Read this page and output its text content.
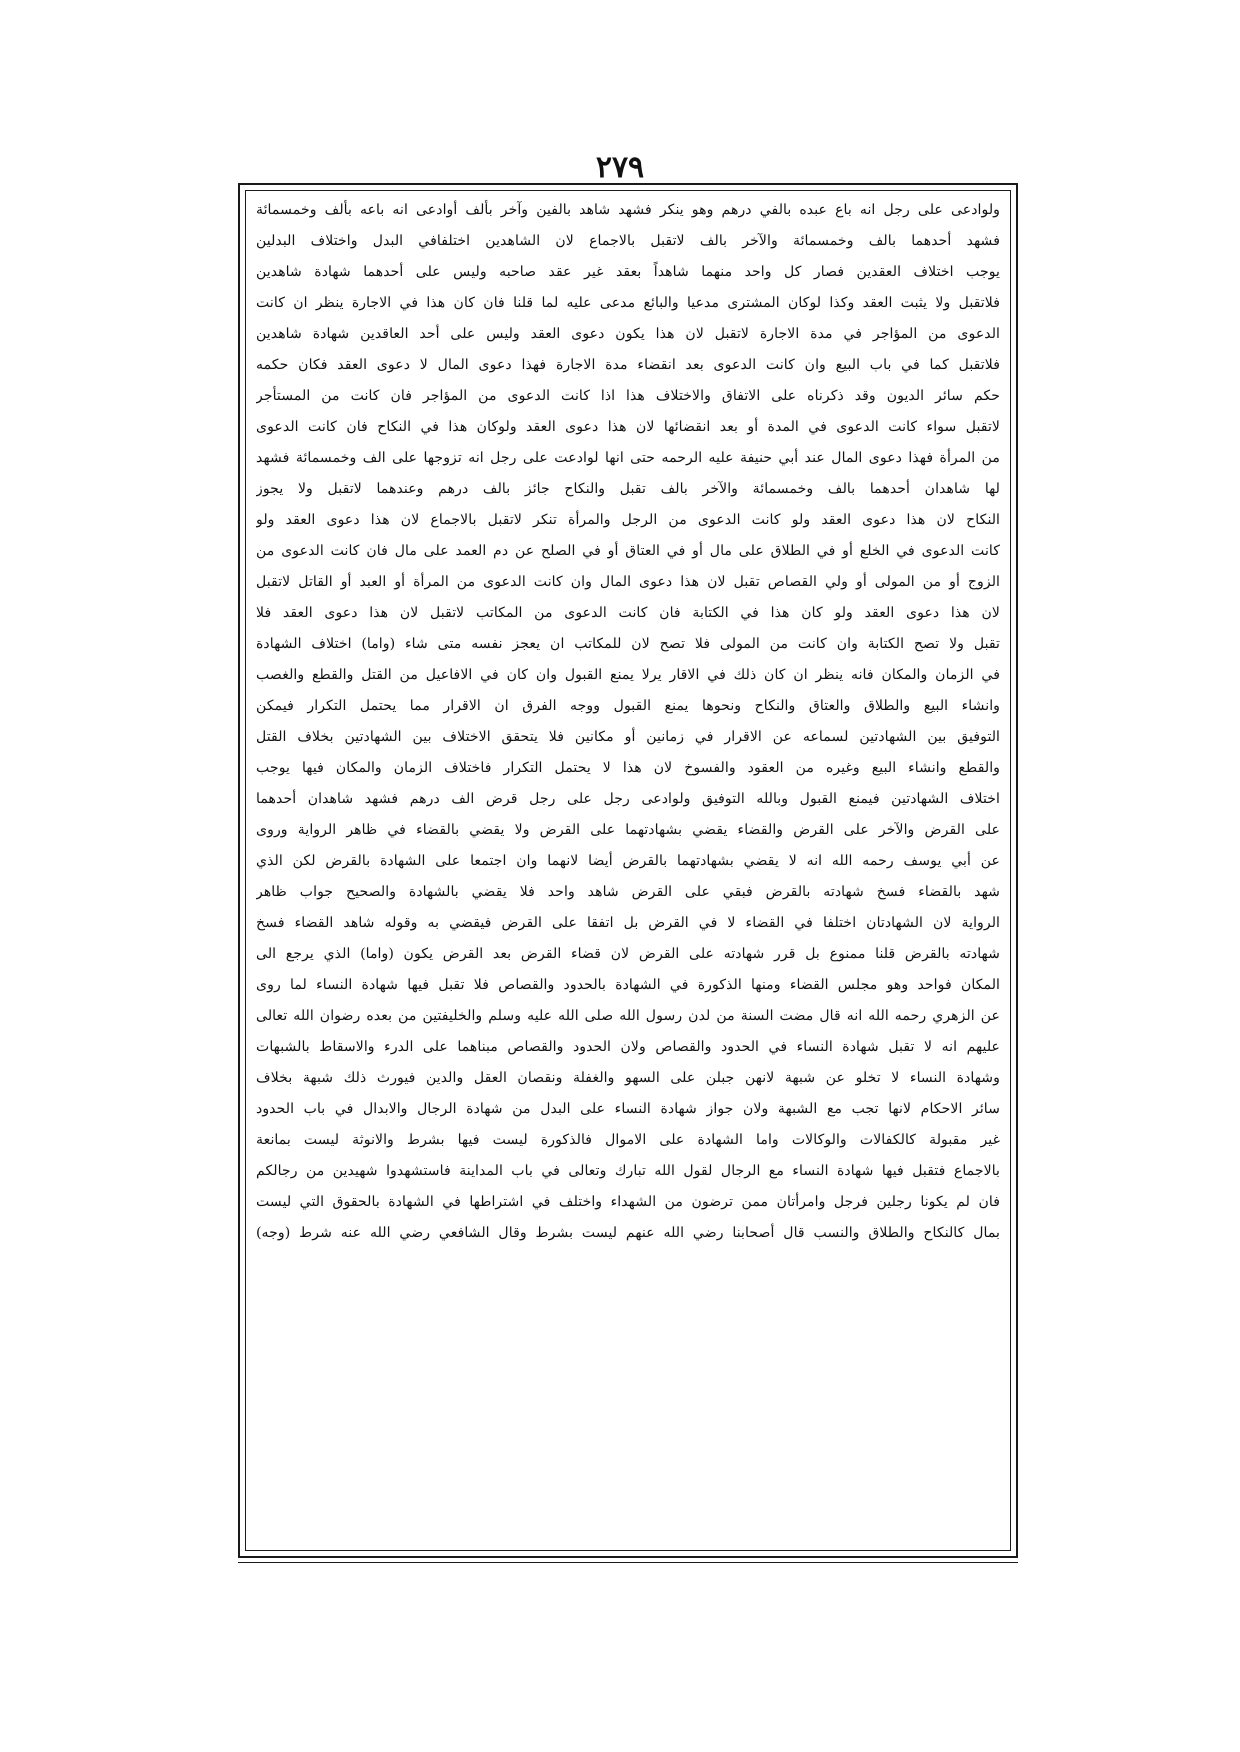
٢٧٩
ولوادعى على رجل انه باع عبده بالفي درهم وهو ينكر فشهد شاهد بالفين وآخر بألف أوادعى انه باعه بألف وخمسمائة
فشهد أحدهما بالف وخمسمائة والآخر بالف لاتقبل بالاجماع لان الشاهدين اختلفافي البدل واختلاف البدلين
يوجب اختلاف العقدين فصار كل واحد منهما شاهداً بعقد غير عقد صاحبه وليس على أحدهما شهادة شاهدين
فلاتقبل ولا يثبت العقد وكذا لوكان المشترى مدعيا والبائع مدعى عليه لما قلنا فان كان هذا في الاجارة ينظر ان كانت
الدعوى من المؤاجر في مدة الاجارة لاتقبل لان هذا يكون دعوى العقد وليس على أحد العاقدين شهادة شاهدين
فلاتقبل كما في باب البيع وان كانت الدعوى بعد انقضاء مدة الاجارة فهذا دعوى المال لا دعوى العقد فكان حكمه
حكم سائر الديون وقد ذكرناه على الاتفاق والاختلاف هذا اذا كانت الدعوى من المؤاجر فان كانت من المستأجر
لاتقبل سواء كانت الدعوى في المدة أو بعد انقضائها لان هذا دعوى العقد ولوكان هذا في النكاح فان كانت الدعوى
من المرأة فهذا دعوى المال عند أبي حنيفة عليه الرحمه حتى انها لوادعت على رجل انه تزوجها على الف وخمسمائة فشهد
لها شاهدان أحدهما بالف وخمسمائة والآخر بالف تقبل والنكاح جائز بالف درهم وعندهما لاتقبل ولا يجوز
النكاح لان هذا دعوى العقد ولو كانت الدعوى من الرجل والمرأة تنكر لاتقبل بالاجماع لان هذا دعوى العقد ولو
كانت الدعوى في الخلع أو في الطلاق على مال أو في العتاق أو في الصلح عن دم العمد على مال فان كانت الدعوى من
الزوج أو من المولى أو ولي القصاص تقبل لان هذا دعوى المال وان كانت الدعوى من المرأة أو العبد أو القاتل لاتقبل
لان هذا دعوى العقد ولو كان هذا في الكتابة فان كانت الدعوى من المكاتب لاتقبل لان هذا دعوى العقد فلا
تقبل ولا تصح الكتابة وان كانت من المولى فلا تصح لان للمكاتب ان يعجز نفسه متى شاء (واما) اختلاف الشهادة
في الزمان والمكان فانه ينظر ان كان ذلك في الاقار يرلا يمنع القبول وان كان في الافاعيل من القتل والقطع والغصب
وانشاء البيع والطلاق والعتاق والنكاح ونحوها يمنع القبول ووجه الفرق ان الاقرار مما يحتمل التكرار فيمكن
التوفيق بين الشهادتين لسماعه عن الاقرار في زمانين أو مكانين فلا يتحقق الاختلاف بين الشهادتين بخلاف القتل
والقطع وانشاء البيع وغيره من العقود والفسوخ لان هذا لا يحتمل التكرار فاختلاف الزمان والمكان فيها يوجب
اختلاف الشهادتين فيمنع القبول وبالله التوفيق ولوادعى رجل على رجل قرض الف درهم فشهد شاهدان أحدهما
على القرض والآخر على القرض والقضاء يقضي بشهادتهما على القرض ولا يقضي بالقضاء في ظاهر الرواية وروى
عن أبي يوسف رحمه الله انه لا يقضي بشهادتهما بالقرض أيضا لانهما وان اجتمعا على الشهادة بالقرض لكن الذي
شهد بالقضاء فسخ شهادته بالقرض فبقي على القرض شاهد واحد فلا يقضي بالشهادة والصحيح جواب ظاهر
الرواية لان الشهادتان اختلفا في القضاء لا في القرض بل اتفقا على القرض فيقضي به وقوله شاهد القضاء فسخ
شهادته بالقرض قلنا ممنوع بل قرر شهادته على القرض لان قضاء القرض بعد القرض يكون (واما) الذي يرجع الى
المكان فواحد وهو مجلس القضاء ومنها الذكورة في الشهادة بالحدود والقصاص فلا تقبل فيها شهادة النساء لما روى
عن الزهري رحمه الله انه قال مضت السنة من لدن رسول الله صلى الله عليه وسلم والخليفتين من بعده رضوان الله تعالى
عليهم انه لا تقبل شهادة النساء في الحدود والقصاص ولان الحدود والقصاص مبناهما على الدرء والاسقاط بالشبهات
وشهادة النساء لا تخلو عن شبهة لانهن جبلن على السهو والغفلة ونقصان العقل والدين فيورث ذلك شبهة بخلاف
سائر الاحكام لانها تجب مع الشبهة ولان جواز شهادة النساء على البدل من شهادة الرجال والابدال في باب الحدود
غير مقبولة كالكفالات والوكالات واما الشهادة على الاموال فالذكورة ليست فيها بشرط والانوثة ليست بمانعة
بالاجماع فتقبل فيها شهادة النساء مع الرجال لقول الله تبارك وتعالى في باب المداينة فاستشهدوا شهيدين من رجالكم
فان لم يكونا رجلين فرجل وامرأتان ممن ترضون من الشهداء واختلف في اشتراطها في الشهادة بالحقوق التي ليست
بمال كالنكاح والطلاق والنسب قال أصحابنا رضي الله عنهم ليست بشرط وقال الشافعي رضي الله عنه شرط (وجه)
